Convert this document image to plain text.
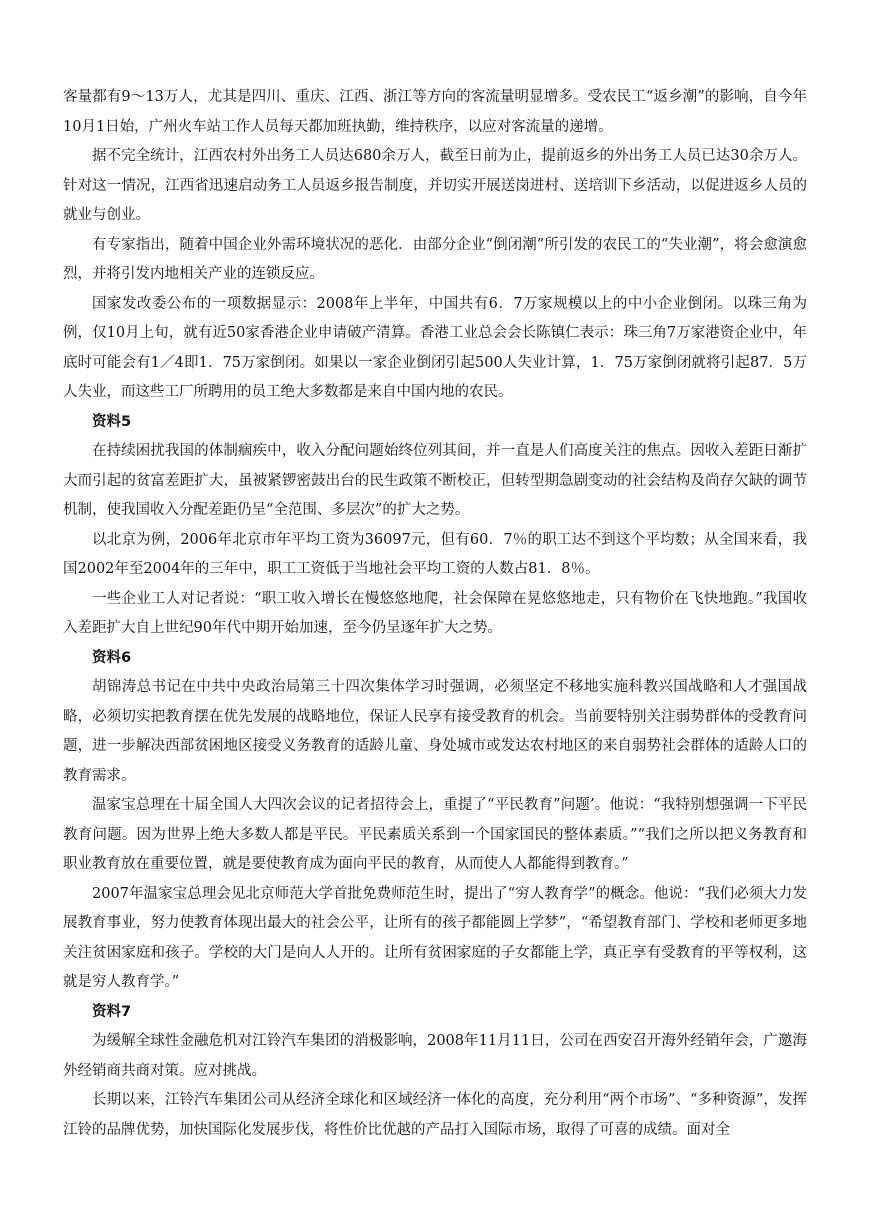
客量都有9～13万人，尤其是四川、重庆、江西、浙江等方向的客流量明显增多。受农民工“返乡潮”的影响，自今年10月1日始，广州火车站工作人员每天都加班执勤，维持秩序，以应对客流量的递增。

据不完全统计，江西农村外出务工人员达680余万人，截至日前为止，提前返乡的外出务工人员已达30余万人。针对这一情况，江西省迅速启动务工人员返乡报告制度，并切实开展送岗进村、送培训下乡活动，以促进返乡人员的就业与创业。

有专家指出，随着中国企业外需环境状况的恶化．由部分企业“倒闭潮”所引发的农民工的“失业潮”，将会愈演愈烈，并将引发内地相关产业的连锁反应。

国家发改委公布的一项数据显示：2008年上半年，中国共有6．7万家规模以上的中小企业倒闭。以珠三角为例，仅10月上旬，就有近50家香港企业申请破产清算。香港工业总会会长陈镇仁表示：珠三角7万家港资企业中，年底时可能会有1／4即1．75万家倒闭。如果以一家企业倒闭引起500人失业计算，1．75万家倒闭就将引起87．5万人失业，而这些工厂所聘用的员工绝大多数都是来自中国内地的农民。

资料5

在持续困扰我国的体制痼疾中，收入分配问题始终位列其间，并一直是人们高度关注的焦点。因收入差距日渐扩大而引起的贫富差距扩大，虽被紧锣密鼓出台的民生政策不断校正，但转型期急剧变动的社会结构及尚存欠缺的调节机制，使我国收入分配差距仍呈“全范围、多层次”的扩大之势。

以北京为例，2006年北京市年平均工资为36097元，但有60．7％的职工达不到这个平均数；从全国来看，我国2002年至2004年的三年中，职工工资低于当地社会平均工资的人数占81．8％。

一些企业工人对记者说：“职工收入增长在慢悠悠地爬，社会保障在晃悠悠地走，只有物价在飞快地跑。”我国收入差距扩大自上世纪90年代中期开始加速，至今仍呈逐年扩大之势。

资料6

胡锦涛总书记在中共中央政治局第三十四次集体学习时强调，必须坚定不移地实施科教兴国战略和人才强国战略，必须切实把教育摆在优先发展的战略地位，保证人民享有接受教育的机会。当前要特别关注弱势群体的受教育问题，进一步解决西部贫困地区接受义务教育的适龄儿童、身处城市或发达农村地区的来自弱势社会群体的适龄人口的教育需求。

温家宝总理在十届全国人大四次会议的记者招待会上，重提了“平民教育”问题’。他说：“我特别想强调一下平民教育问题。因为世界上绝大多数人都是平民。平民素质关系到一个国家国民的整体素质。”“我们之所以把义务教育和职业教育放在重要位置，就是要使教育成为面向平民的教育，从而使人人都能得到教育。”

2007年温家宝总理会见北京师范大学首批免费师范生时，提出了“穷人教育学”的概念。他说：“我们必须大力发展教育事业，努力使教育体现出最大的社会公平，让所有的孩子都能圆上学梦”，“希望教育部门、学校和老师更多地关注贫困家庭和孩子。学校的大门是向人人开的。让所有贫困家庭的子女都能上学，真正享有受教育的平等权利，这就是穷人教育学。”

资料7

为缓解全球性金融危机对江铃汽车集团的消极影响，2008年11月11日，公司在西安召开海外经销年会，广邀海外经销商共商对策。应对挑战。

长期以来，江铃汽车集团公司从经济全球化和区域经济一体化的高度，充分利用“两个市场”、“多种资源”，发挥江铃的品牌优势，加快国际化发展步伐，将性价比优越的产品打入国际市场，取得了可喜的成绩。面对全
